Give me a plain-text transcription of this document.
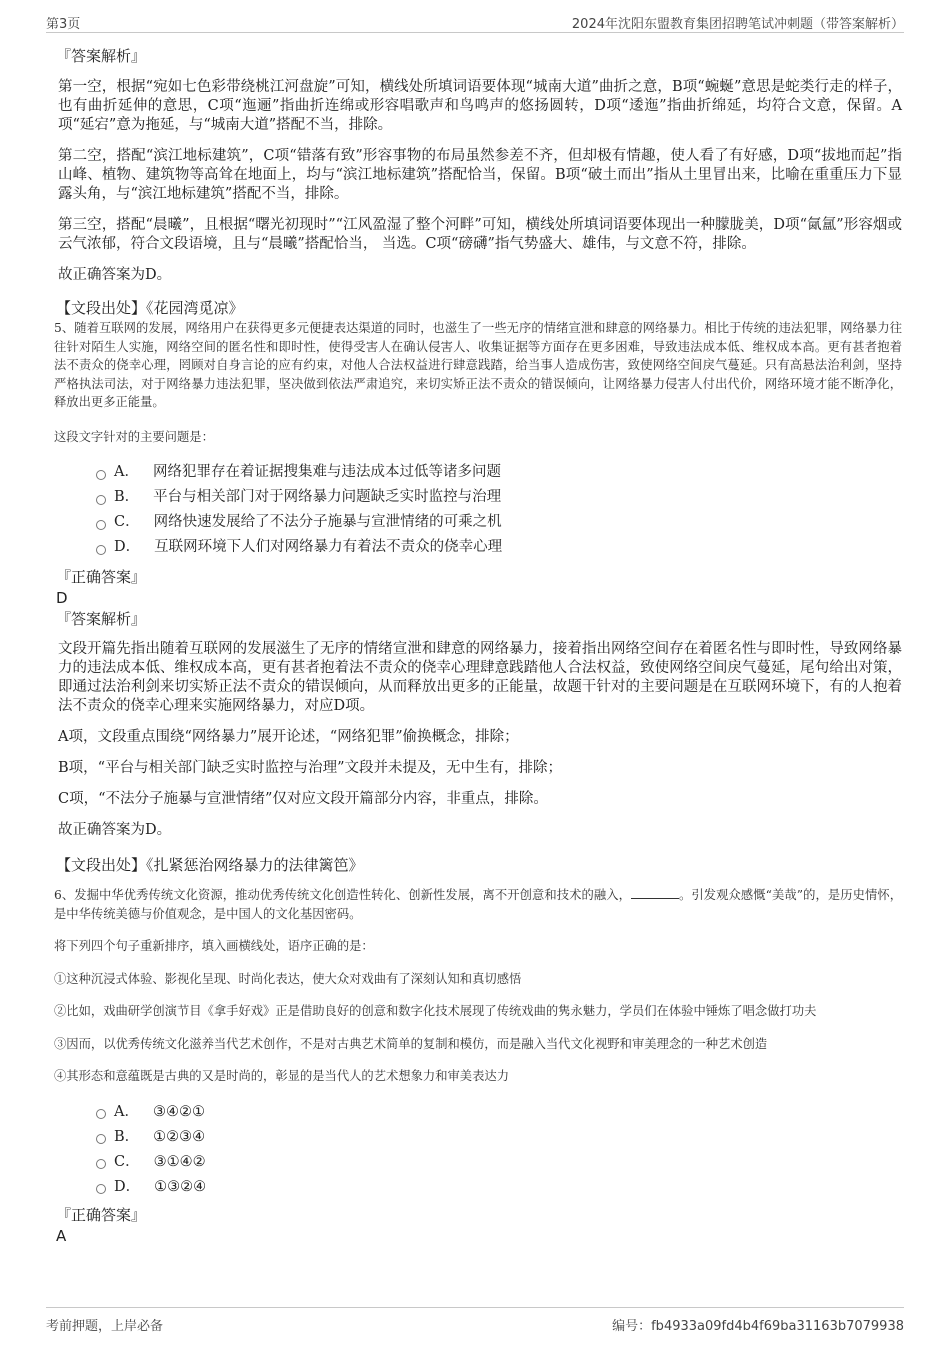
第3页	2024年沈阳东盟教育集团招聘笔试冲刺题（带答案解析）

『答案解析』

第一空，根据“宛如七色彩带绕桃江河盘旋”可知，横线处所填词语要体现“城南大道”曲折之意，B项“蜿蜒”意思是蛇类行走的样子，也有曲折延伸的意思，C项“迤逦”指曲折连绵或形容唱歌声和鸟鸣声的悠扬圆转，D项“逶迤”指曲折绵延，均符合文意，保留。A项“延宕”意为拖延，与“城南大道”搭配不当，排除。

第二空，搭配“滨江地标建筑”，C项“错落有致”形容事物的布局虽然参差不齐，但却极有情趣，使人看了有好感，D项“拔地而起”指山峰、植物、建筑物等高耸在地面上，均与“滨江地标建筑”搭配恰当，保留。B项“破土而出”指从土里冒出来，比喻在重重压力下显露头角，与“滨江地标建筑”搭配不当，排除。

第三空，搭配“晨曦”，且根据“曙光初现时”“江风盈湿了整个河畔”可知，横线处所填词语要体现出一种朦胧美，D项“氤氲”形容烟或云气浓郁，符合文段语境，且与“晨曦”搭配恰当， 当选。C项“磅礴”指气势盛大、雄伟，与文意不符，排除。

故正确答案为D。

【文段出处】《花园湾觅凉》

5、随着互联网的发展，网络用户在获得更多元便捷表达渠道的同时，也滋生了一些无序的情绪宣泄和肆意的网络暴力。相比于传统的违法犯罪，网络暴力往往针对陌生人实施，网络空间的匿名性和即时性，使得受害人在确认侵害人、收集证据等方面存在更多困难，导致违法成本低、维权成本高。更有甚者抱着法不责众的侥幸心理，罔顾对自身言论的应有约束，对他人合法权益进行肆意践踏，给当事人造成伤害，致使网络空间戾气蔓延。只有高悬法治利剑，坚持严格执法司法，对于网络暴力违法犯罪，坚决做到依法严肃追究，来切实矫正法不责众的错误倾向，让网络暴力侵害人付出代价，网络环境才能不断净化，释放出更多正能量。

这段文字针对的主要问题是：

A． 网络犯罪存在着证据搜集难与违法成本过低等诸多问题
B． 平台与相关部门对于网络暴力问题缺乏实时监控与治理
C． 网络快速发展给了不法分子施暴与宣泄情绪的可乘之机
D． 互联网环境下人们对网络暴力有着法不责众的侥幸心理

『正确答案』

D

『答案解析』

文段开篇先指出随着互联网的发展滋生了无序的情绪宣泄和肆意的网络暴力，接着指出网络空间存在着匿名性与即时性，导致网络暴力的违法成本低、维权成本高，更有甚者抱着法不责众的侥幸心理肆意践踏他人合法权益，致使网络空间戾气蔓延，尾句给出对策，即通过法治利剑来切实矫正法不责众的错误倾向，从而释放出更多的正能量，故题干针对的主要问题是在互联网环境下，有的人抱着法不责众的侥幸心理来实施网络暴力，对应D项。

A项，文段重点围绕“网络暴力”展开论述，“网络犯罪”偷换概念，排除；

B项，“平台与相关部门缺乏实时监控与治理”文段并未提及，无中生有，排除；

C项，“不法分子施暴与宣泄情绪”仅对应文段开篇部分内容，非重点，排除。

故正确答案为D。

【文段出处】《扎紧惩治网络暴力的法律篱笆》

6、发掘中华优秀传统文化资源，推动优秀传统文化创造性转化、创新性发展，离不开创意和技术的融入，	。引发观众感慨“美哉”的，是历史情怀，是中华传统美德与价值观念，是中国人的文化基因密码。

将下列四个句子重新排序，填入画横线处，语序正确的是：

①这种沉浸式体验、影视化呈现、时尚化表达，使大众对戏曲有了深刻认知和真切感悟

②比如，戏曲研学创演节目《拿手好戏》正是借助良好的创意和数字化技术展现了传统戏曲的隽永魅力，学员们在体验中锤炼了唱念做打功夫

③因而，以优秀传统文化滋养当代艺术创作，不是对古典艺术简单的复制和模仿，而是融入当代文化视野和审美理念的一种艺术创造

④其形态和意蕴既是古典的又是时尚的，彰显的是当代人的艺术想象力和审美表达力

A． ③④②①
B． ①②③④
C． ③①④②
D． ①③②④

『正确答案』

A

考前押题，上岸必备	编号：fb4933a09fd4b4f69ba31163b7079938
